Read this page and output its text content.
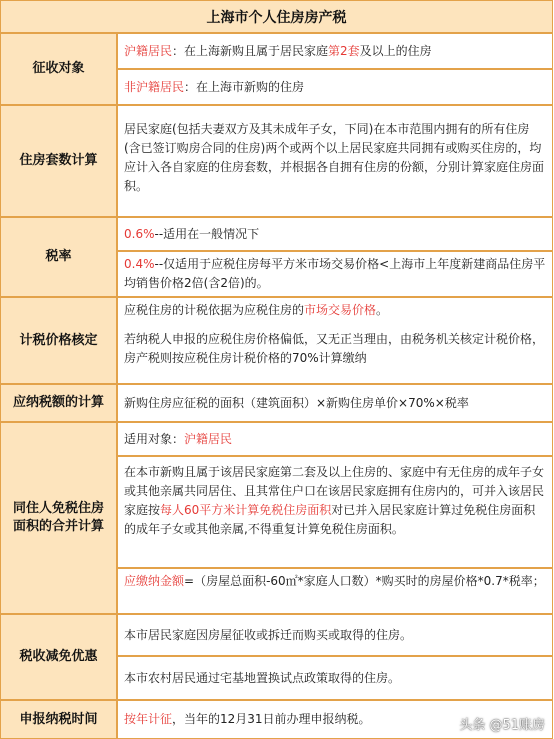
上海市个人住房房产税
征收对象
沪籍居民：在上海新购且属于居民家庭第2套及以上的住房
非沪籍居民：在上海市新购的住房
住房套数计算
居民家庭(包括夫妻双方及其未成年子女，下同)在本市范围内拥有的所有住房(含已签订购房合同的住房)两个或两个以上居民家庭共同拥有或购买住房的，均应计入各自家庭的住房套数，并根据各自拥有住房的份额，分别计算家庭住房面积。
税率
0.6%--适用在一般情况下
0.4%--仅适用于应税住房每平方米市场交易价格<上海市上年度新建商品住房平均销售价格2倍(含2倍)的。
计税价格核定
应税住房的计税依据为应税住房的市场交易价格。
若纳税人申报的应税住房价格偏低，又无正当理由，由税务机关核定计税价格，房产税则按应税住房计税价格的70%计算缴纳
应纳税额的计算 新购住房应征税的面积（建筑面积）×新购住房单价×70%×税率
同住人免税住房面积的合并计算
适用对象：沪籍居民
在本市新购且属于该居民家庭第二套及以上住房的、家庭中有无住房的成年子女或其他亲属共同居住、且其常住户口在该居民家庭拥有住房内的，可并入该居民家庭按每人60平方米计算免税住房面积对已并入居民家庭计算过免税住房面积的成年子女或其他亲属,不得重复计算免税住房面积。
应缴纳金额=（房屋总面积-60㎡*家庭人口数）*购买时的房屋价格*0.7*税率；
税收减免优惠
本市居民家庭因房屋征收或拆迁而购买或取得的住房。
本市农村居民通过宅基地置换试点政策取得的住房。
申报纳税时间 按年计征，当年的12月31日前办理申报纳税。	头条 @51账房
